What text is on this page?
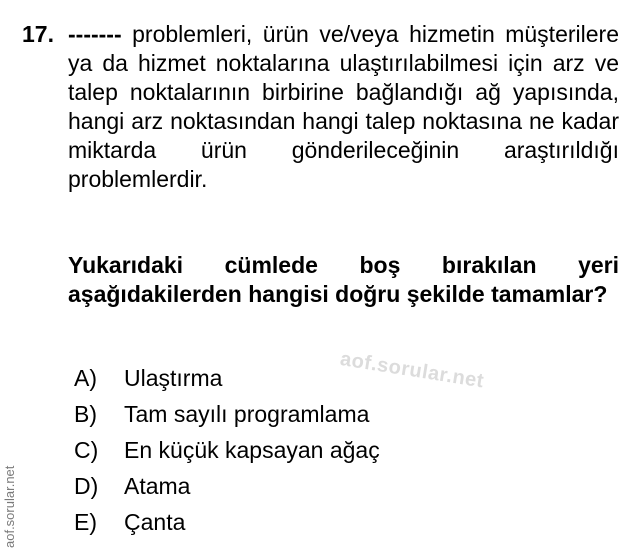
17. ------- problemleri, ürün ve/veya hizmetin müşterilere ya da hizmet noktalarına ulaştırılabilmesi için arz ve talep noktalarının birbirine bağlandığı ağ yapısında, hangi arz noktasından hangi talep noktasına ne kadar miktarda ürün gönderileceğinin araştırıldığı problemlerdir.

Yukarıdaki cümlede boş bırakılan yeri aşağıdakilerden hangisi doğru şekilde tamamlar?

A)	Ulaştırma
B)	Tam sayılı programlama
C)	En küçük kapsayan ağaç
D)	Atama
E)	Çanta
aof.sorular.net
aof.sorular.net
